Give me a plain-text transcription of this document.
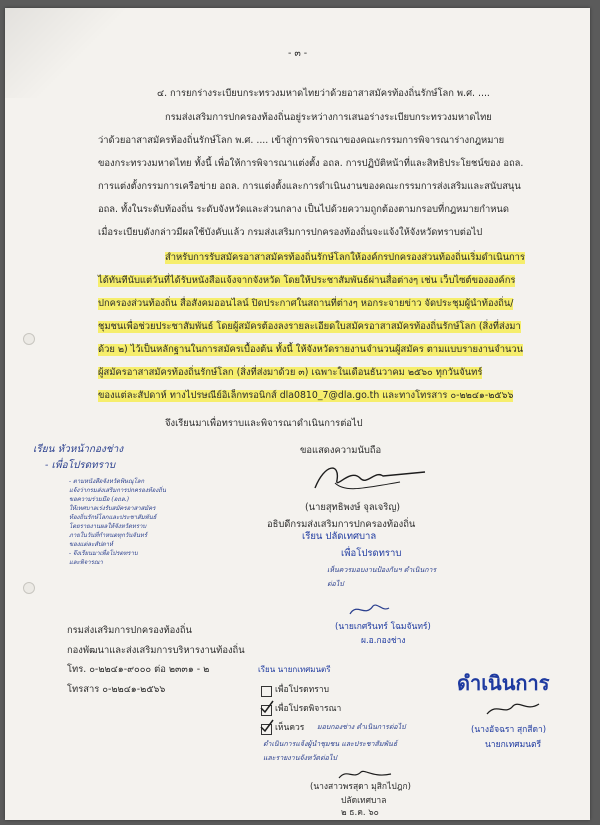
- ๓ -
๔. การยกร่างระเบียบกระทรวงมหาดไทยว่าด้วยอาสาสมัครท้องถิ่นรักษ์โลก พ.ศ. ....
กรมส่งเสริมการปกครองท้องถิ่นอยู่ระหว่างการเสนอร่างระเบียบกระทรวงมหาดไทย
ว่าด้วยอาสาสมัครท้องถิ่นรักษ์โลก พ.ศ. .... เข้าสู่การพิจารณาของคณะกรรมการพิจารณาร่างกฎหมาย
ของกระทรวงมหาดไทย ทั้งนี้ เพื่อให้การพิจารณาแต่งตั้ง อถล. การปฏิบัติหน้าที่และสิทธิประโยชน์ของ อถล.
การแต่งตั้งกรรมการเครือข่าย อถล. การแต่งตั้งและการดำเนินงานของคณะกรรมการส่งเสริมและสนับสนุน
อถล. ทั้งในระดับท้องถิ่น ระดับจังหวัดและส่วนกลาง เป็นไปด้วยความถูกต้องตามกรอบที่กฎหมายกำหนด
เมื่อระเบียบดังกล่าวมีผลใช้บังคับแล้ว กรมส่งเสริมการปกครองท้องถิ่นจะแจ้งให้จังหวัดทราบต่อไป
สำหรับการรับสมัครอาสาสมัครท้องถิ่นรักษ์โลกให้องค์กรปกครองส่วนท้องถิ่นเริ่มดำเนินการ
ได้ทันทีนับแต่วันที่ได้รับหนังสือแจ้งจากจังหวัด โดยให้ประชาสัมพันธ์ผ่านสื่อต่างๆ เช่น เว็บไซต์ขององค์กร
ปกครองส่วนท้องถิ่น สื่อสังคมออนไลน์ ปิดประกาศในสถานที่ต่างๆ หอกระจายข่าว จัดประชุมผู้นำท้องถิ่น/
ชุมชนเพื่อช่วยประชาสัมพันธ์ โดยผู้สมัครต้องลงรายละเอียดใบสมัครอาสาสมัครท้องถิ่นรักษ์โลก (สิ่งที่ส่งมา
ด้วย ๒) ไว้เป็นหลักฐานในการสมัครเบื้องต้น ทั้งนี้ ให้จังหวัดรายงานจำนวนผู้สมัคร ตามแบบรายงานจำนวน
ผู้สมัครอาสาสมัครท้องถิ่นรักษ์โลก (สิ่งที่ส่งมาด้วย ๓) เฉพาะในเดือนธันวาคม ๒๕๖๐ ทุกวันจันทร์
ของแต่ละสัปดาห์ ทางไปรษณีย์อิเล็กทรอนิกส์ dla0810_7@dla.go.th และทางโทรสาร ๐-๒๒๔๑-๒๕๖๖
จึงเรียนมาเพื่อทราบและพิจารณาดำเนินการต่อไป
เรียน หัวหน้ากองช่าง
- เพื่อโปรดทราบ
- ตามหนังสือจังหวัดพิษณุโลก
แจ้งว่ากรมส่งเสริมการปกครองท้องถิ่น
ขอความร่วมมือ (อถล.)
ให้เทศบาลเร่งรับสมัครอาสาสมัคร
ท้องถิ่นรักษ์โลกและประชาสัมพันธ์
โดยรายงานผลให้จังหวัดทราบ
ภายในวันที่กำหนดทุกวันจันทร์
ของแต่ละสัปดาห์
- จึงเรียนมาเพื่อโปรดทราบ
และพิจารณา
ขอแสดงความนับถือ
(นายสุทธิพงษ์ จุลเจริญ)
อธิบดีกรมส่งเสริมการปกครองท้องถิ่น
เรียน ปลัดเทศบาล
เพื่อโปรดทราบ
เห็นควรมอบงานป้องกันฯ ดำเนินการ
ต่อไป
(นายเกศรินทร์ โฉมจันทร์)
ผ.อ.กองช่าง
กรมส่งเสริมการปกครองท้องถิ่น
กองพัฒนาและส่งเสริมการบริหารงานท้องถิ่น
โทร. ๐-๒๒๔๑-๙๐๐๐ ต่อ ๒๓๓๑ - ๒	เรียน นายกเทศมนตรี
โทรสาร ๐-๒๒๔๑-๒๕๖๖	เพื่อโปรดทราบ
เพื่อโปรดพิจารณา
เห็นควร มอบกองช่าง ดำเนินการต่อไป
ดำเนินการแจ้งผู้นำชุมชน และประชาสัมพันธ์
และรายงานจังหวัดต่อไป
(นางสาวพรสุดา มุสิกไปฎก)
ปลัดเทศบาล
๒ ธ.ค. ๖๐
ดำเนินการ
(นางอัจฉรา สุกสีดา)
นายกเทศมนตรี
